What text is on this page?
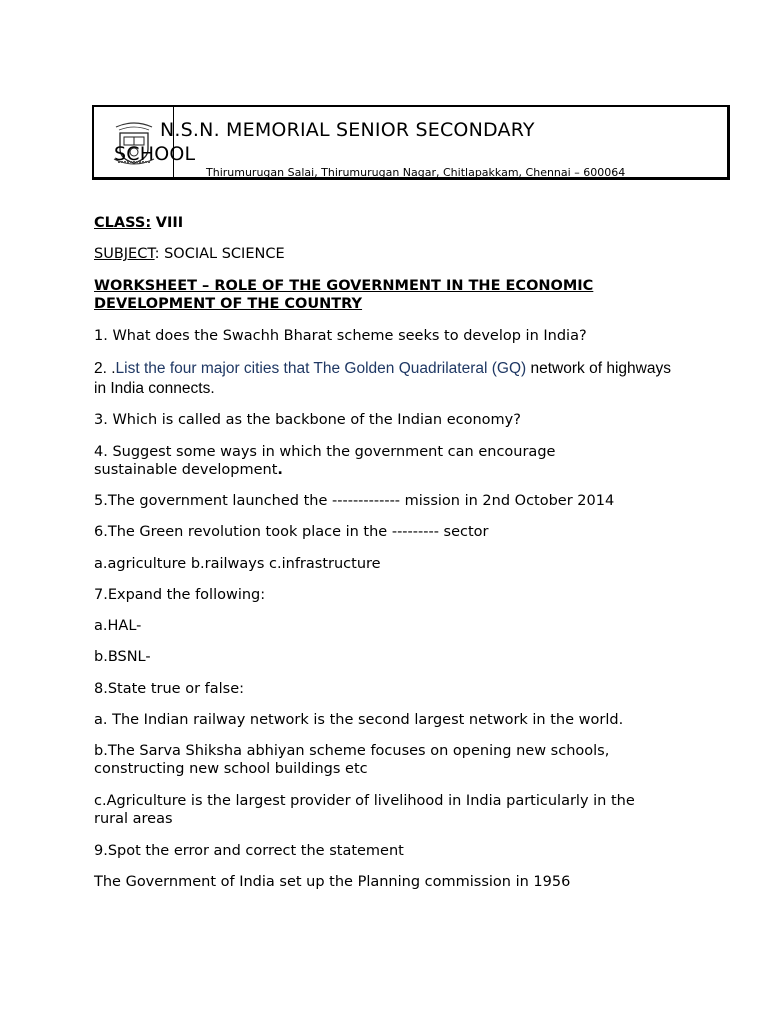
N.S.N. MEMORIAL SENIOR SECONDARY SCHOOL
Thirumurugan Salai, Thirumurugan Nagar, Chitlapakkam, Chennai – 600064

CLASS: VIII

SUBJECT: SOCIAL SCIENCE

WORKSHEET – ROLE OF THE GOVERNMENT IN THE ECONOMIC DEVELOPMENT OF THE COUNTRY

1. What does the Swachh Bharat scheme seeks to develop in India?

2. .List the four major cities that The Golden Quadrilateral (GQ) network of highways in India connects.

3. Which is called as the backbone of the Indian economy?

4. Suggest some ways in which the government can encourage sustainable development.

5.The government launched the ------------- mission in 2nd October 2014

6.The Green revolution took place in the --------- sector

a.agriculture b.railways c.infrastructure

7.Expand the following:

a.HAL-

b.BSNL-

8.State true or false:

a. The Indian railway network is the second largest network in the world.

b.The Sarva Shiksha abhiyan scheme focuses on opening new schools, constructing new school buildings etc

c.Agriculture is the largest provider of livelihood in India particularly in the rural areas

9.Spot the error and correct the statement

The Government of India set up the Planning commission in 1956
